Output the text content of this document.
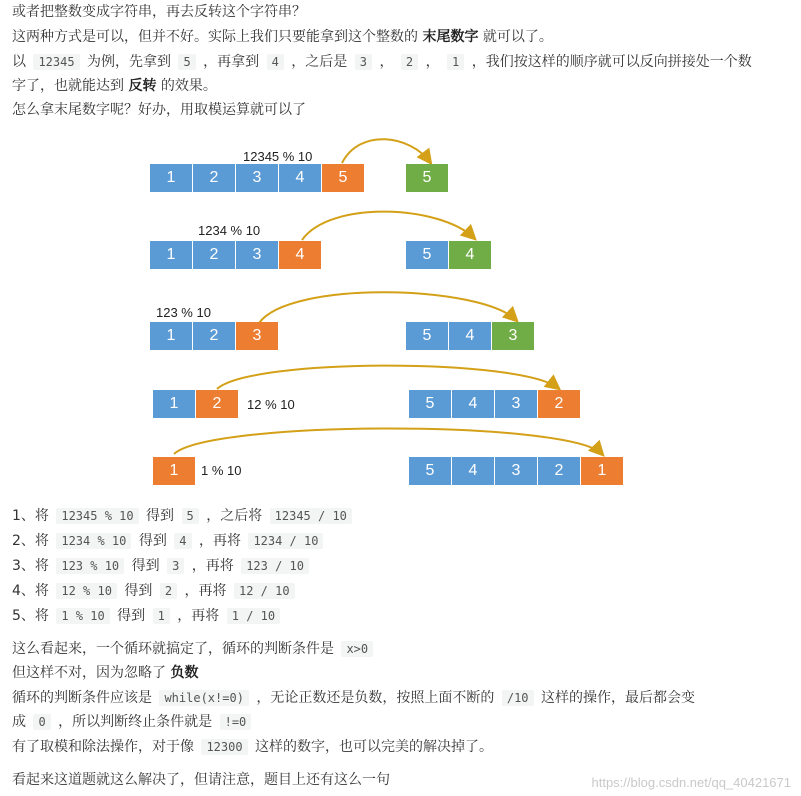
或者把整数变成字符串，再去反转这个字符串？
这两种方式是可以，但并不好。实际上我们只要能拿到这个整数的 末尾数字 就可以了。
以 12345 为例，先拿到 5 ，再拿到 4 ，之后是 3 ， 2 ， 1 ，我们按这样的顺序就可以反向拼接处一个数
字了，也就能达到 反转 的效果。
怎么拿末尾数字呢？好办，用取模运算就可以了
12345 % 10
1	2	3	4	5	5
1234 % 10
1	2	3	4	5	4
123 % 10
1	2	3	5	4	3
1	2	12 % 10	5	4	3	2
1	1 % 10	5	4	3	2	1
1、将 12345 % 10 得到 5 ，之后将 12345 / 10
2、将 1234 % 10 得到 4 ，再将 1234 / 10
3、将 123 % 10 得到 3 ，再将 123 / 10
4、将 12 % 10 得到 2 ，再将 12 / 10
5、将 1 % 10 得到 1 ，再将 1 / 10
这么看起来，一个循环就搞定了，循环的判断条件是 x>0
但这样不对，因为忽略了 负数
循环的判断条件应该是 while(x!=0) ，无论正数还是负数，按照上面不断的 /10 这样的操作，最后都会变
成 0 ，所以判断终止条件就是 !=0
有了取模和除法操作，对于像 12300 这样的数字，也可以完美的解决掉了。
看起来这道题就这么解决了，但请注意，题目上还有这么一句	https://blog.csdn.net/qq_40421671
